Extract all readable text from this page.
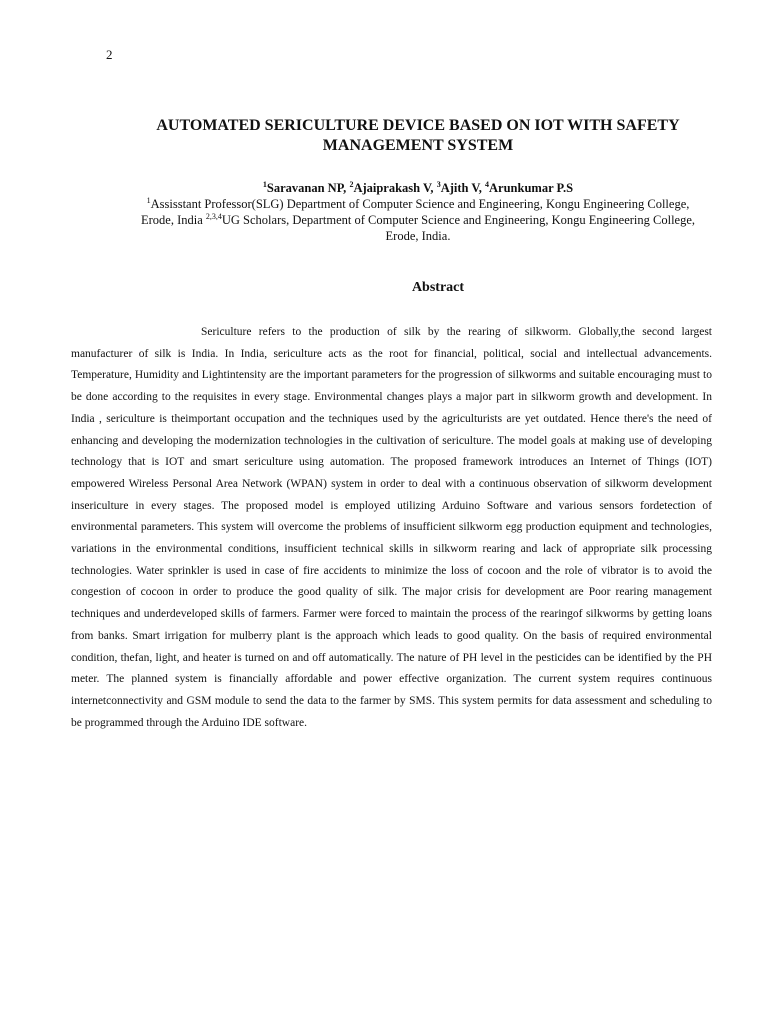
2
AUTOMATED SERICULTURE DEVICE BASED ON IOT WITH SAFETY
MANAGEMENT SYSTEM
$^1$Saravanan NP, $^2$Ajaiprakash V, $^3$Ajith V, $^4$Arunkumar P.S
$^1$Assisstant Professor(SLG) Department of Computer Science and Engineering, Kongu Engineering College,
Erode, India $^{2,3,4}$UG Scholars, Department of Computer Science and Engineering, Kongu Engineering College,
Erode, India.
Abstract
Sericulture refers to the production of silk by the rearing of silkworm. Globally,the second largest manufacturer of silk is India. In India, sericulture acts as the root for financial, political, social and intellectual advancements. Temperature, Humidity and Lightintensity are the important parameters for the progression of silkworms and suitable encouraging must to be done according to the requisites in every stage. Environmental changes plays a major part in silkworm growth and development. In India , sericulture is theimportant occupation and the techniques used by the agriculturists are yet outdated. Hence there's the need of enhancing and developing the modernization technologies in the cultivation of sericulture. The model goals at making use of developing technology that is IOT and smart sericulture using automation. The proposed framework introduces an Internet of Things (IOT) empowered Wireless Personal Area Network (WPAN) system in order to deal with a continuous observation of silkworm development insericulture in every stages. The proposed model is employed utilizing Arduino Software and various sensors fordetection of environmental parameters. This system will overcome the problems of insufficient silkworm egg production equipment and technologies, variations in the environmental conditions, insufficient technical skills in silkworm rearing and lack of appropriate silk processing technologies. Water sprinkler is used in case of fire accidents to minimize the loss of cocoon and the role of vibrator is to avoid the congestion of cocoon in order to produce the good quality of silk. The major crisis for development are Poor rearing management techniques and underdeveloped skills of farmers. Farmer were forced to maintain the process of the rearingof silkworms by getting loans from banks. Smart irrigation for mulberry plant is the approach which leads to good quality. On the basis of required environmental condition, thefan, light, and heater is turned on and off automatically. The nature of PH level in the pesticides can be identified by the PH meter. The planned system is financially affordable and power effective organization. The current system requires continuous internetconnectivity and GSM module to send the data to the farmer by SMS. This system permits for data assessment and scheduling to be programmed through the Arduino IDE software.
